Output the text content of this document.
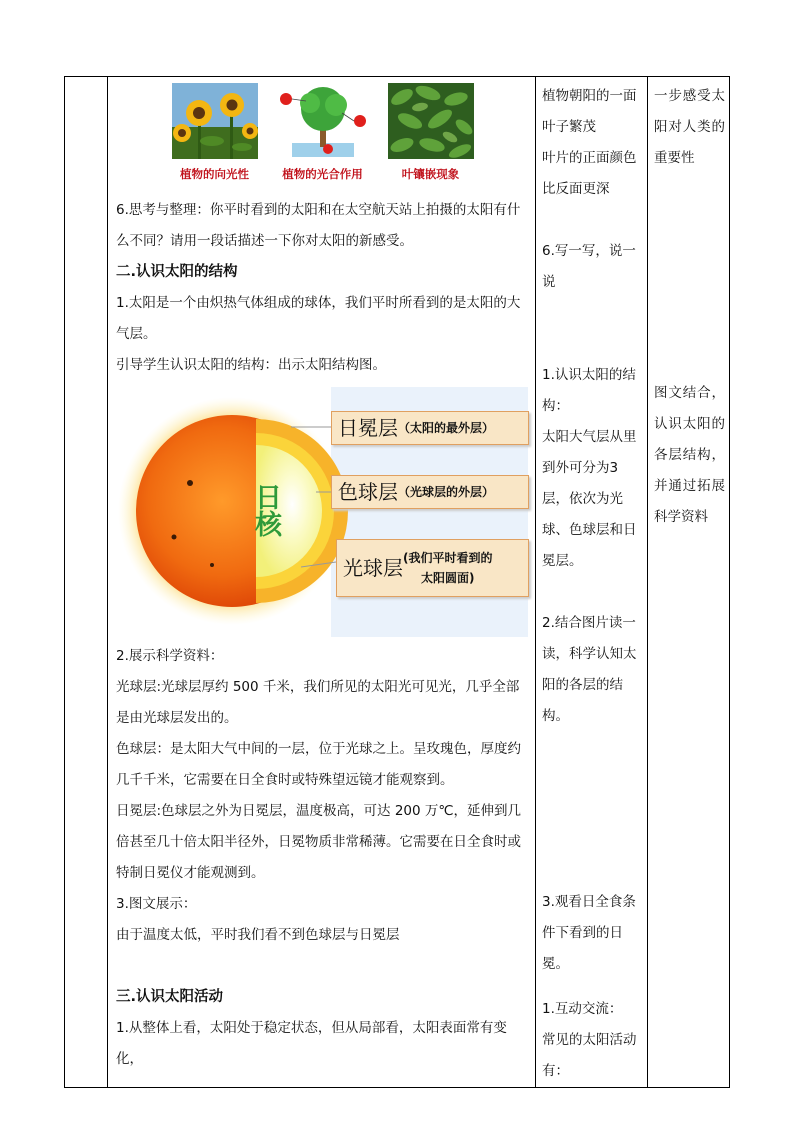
植物的向光性	植物的光合作用	叶镶嵌现象

6.思考与整理：你平时看到的太阳和在太空航天站上拍摄的太阳有什么不同？请用一段话描述一下你对太阳的新感受。

二.认识太阳的结构

1.太阳是一个由炽热气体组成的球体，我们平时所看到的是太阳的大气层。

引导学生认识太阳的结构：出示太阳结构图。

日核
日冕层 （太阳的最外层）
色球层 （光球层的外层）
光球层 (我们平时看到的
太阳圆面)

2.展示科学资料：

光球层:光球层厚约 500 千米，我们所见的太阳光可见光，几乎全部是由光球层发出的。

色球层：是太阳大气中间的一层，位于光球之上。呈玫瑰色，厚度约几千千米，它需要在日全食时或特殊望远镜才能观察到。

日冕层:色球层之外为日冕层，温度极高，可达 200 万℃，延伸到几倍甚至几十倍太阳半径外，日冕物质非常稀薄。它需要在日全食时或特制日冕仪才能观测到。

3.图文展示：

由于温度太低，平时我们看不到色球层与日冕层

三.认识太阳活动

1.从整体上看，太阳处于稳定状态，但从局部看，太阳表面常有变化，

植物朝阳的一面叶子繁茂

叶片的正面颜色比反面更深

6.写一写，说一说

1.认识太阳的结构：

太阳大气层从里到外可分为3层，依次为光球、色球层和日冕层。

2.结合图片读一读，科学认知太阳的各层的结构。

3.观看日全食条件下看到的日冕。

1.互动交流：

常见的太阳活动有：

一步感受太阳对人类的重要性

图文结合，认识太阳的各层结构，并通过拓展科学资料
